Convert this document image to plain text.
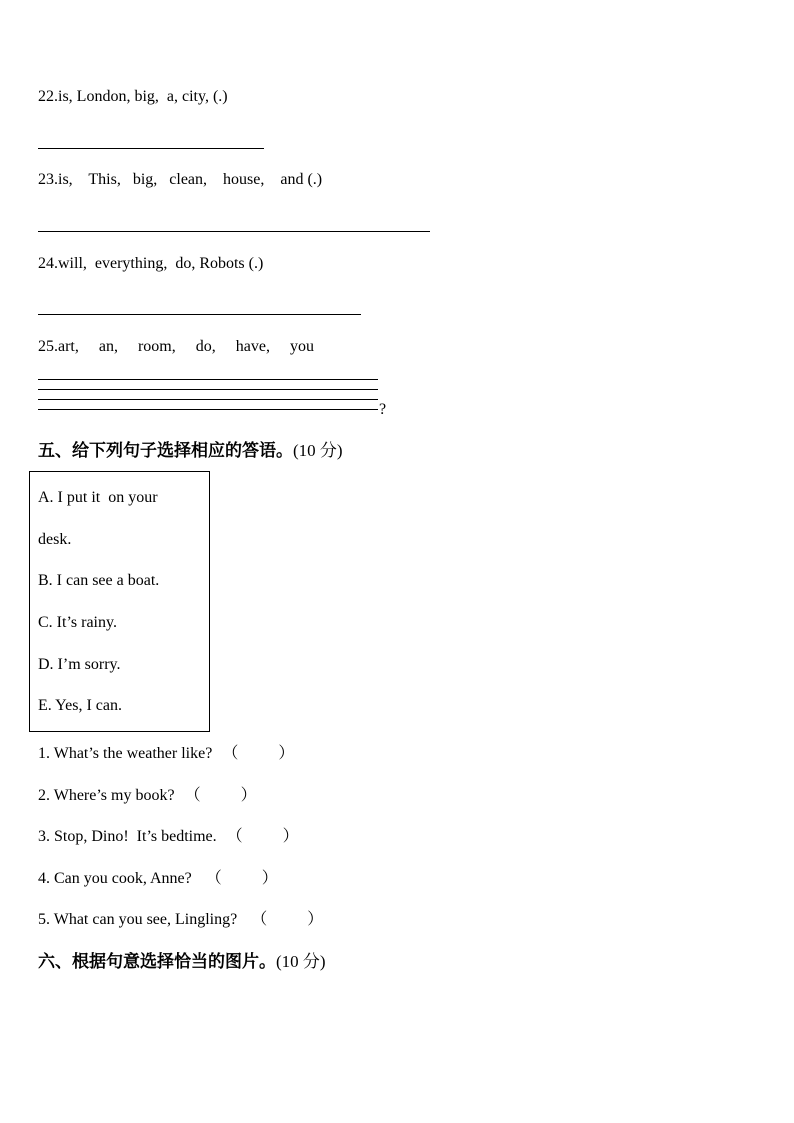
22.is, London, big,  a, city, (.)
23.is,    This,   big,   clean,    house,    and (.)
24.will,  everything,  do, Robots (.)
25.art,     an,     room,     do,     have,     you
?
五、给下列句子选择相应的答语。(10 分)
A. I put it  on your
desk.
B. I can see a boat.
C. It’s rainy.
D. I’m sorry.
E. Yes, I can.
1. What’s the weather like? （          ）
2. Where’s my book? （          ）
3. Stop, Dino!  It’s bedtime. （          ）
4. Can you cook, Anne? （          ）
5. What can you see, Lingling? （          ）
六、根据句意选择恰当的图片。(10 分)
